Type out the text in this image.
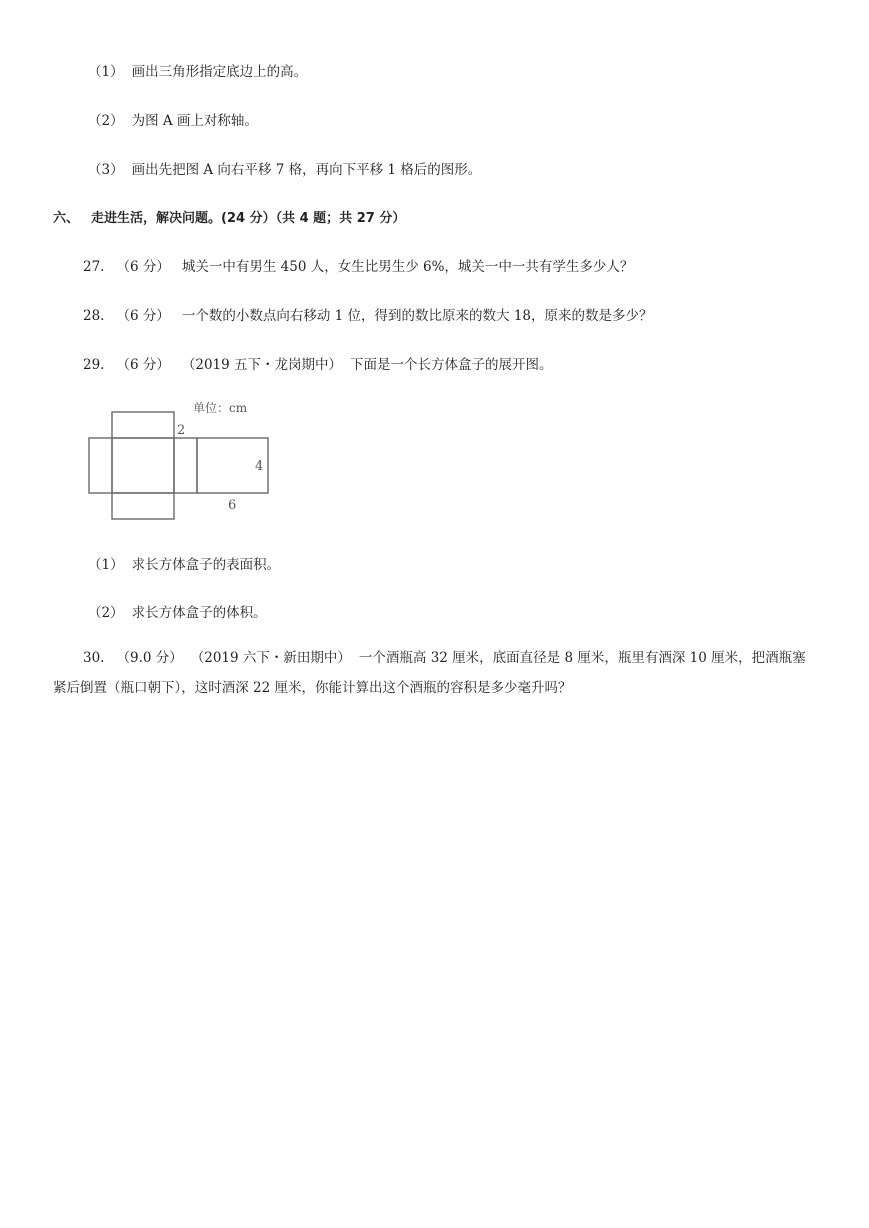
（1） 画出三角形指定底边上的高。
（2） 为图 A 画上对称轴。
（3） 画出先把图 A 向右平移 7 格，再向下平移 1 格后的图形。
六、 走进生活，解决问题。(24 分）（共 4 题；共 27 分）
27. （6 分） 城关一中有男生 450 人，女生比男生少 6%，城关一中一共有学生多少人？
28. （6 分） 一个数的小数点向右移动 1 位，得到的数比原来的数大 18，原来的数是多少？
29. （6 分） （2019 五下・龙岗期中） 下面是一个长方体盒子的展开图。
单位：cm
2
4
6
（1） 求长方体盒子的表面积。
（2） 求长方体盒子的体积。
30. （9.0 分） （2019 六下・新田期中） 一个酒瓶高 32 厘米，底面直径是 8 厘米，瓶里有酒深 10 厘米，把酒瓶塞紧后倒置（瓶口朝下），这时酒深 22 厘米，你能计算出这个酒瓶的容积是多少毫升吗？
